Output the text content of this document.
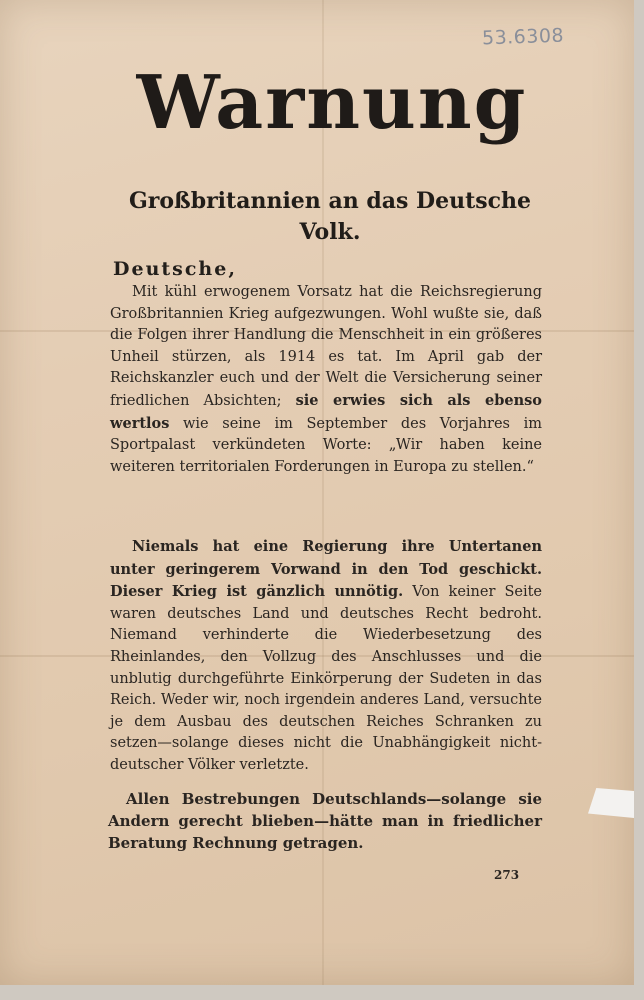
53.6308
Warnung
Großbritannien an das Deutsche Volk.
Deutsche,
Mit kühl erwogenem Vorsatz hat die Reichsregierung Großbritannien Krieg aufgezwungen. Wohl wußte sie, daß die Folgen ihrer Handlung die Menschheit in ein größeres Unheil stürzen, als 1914 es tat. Im April gab der Reichskanzler euch und der Welt die Versicherung seiner friedlichen Absichten; sie erwies sich als ebenso wertlos wie seine im September des Vorjahres im Sportpalast verkündeten Worte: „Wir haben keine weiteren territorialen Forderungen in Europa zu stellen.“
Niemals hat eine Regierung ihre Untertanen unter geringerem Vorwand in den Tod geschickt. Dieser Krieg ist gänzlich unnötig. Von keiner Seite waren deutsches Land und deutsches Recht bedroht. Niemand verhinderte die Wiederbesetzung des Rheinlandes, den Vollzug des Anschlusses und die unblutig durchgeführte Einkörperung der Sudeten in das Reich. Weder wir, noch irgendein anderes Land, versuchte je dem Ausbau des deutschen Reiches Schranken zu setzen—solange dieses nicht die Unabhängigkeit nicht-deutscher Völker verletzte.
Allen Bestrebungen Deutschlands—solange sie Andern gerecht blieben—hätte man in friedlicher Beratung Rechnung getragen.
273
